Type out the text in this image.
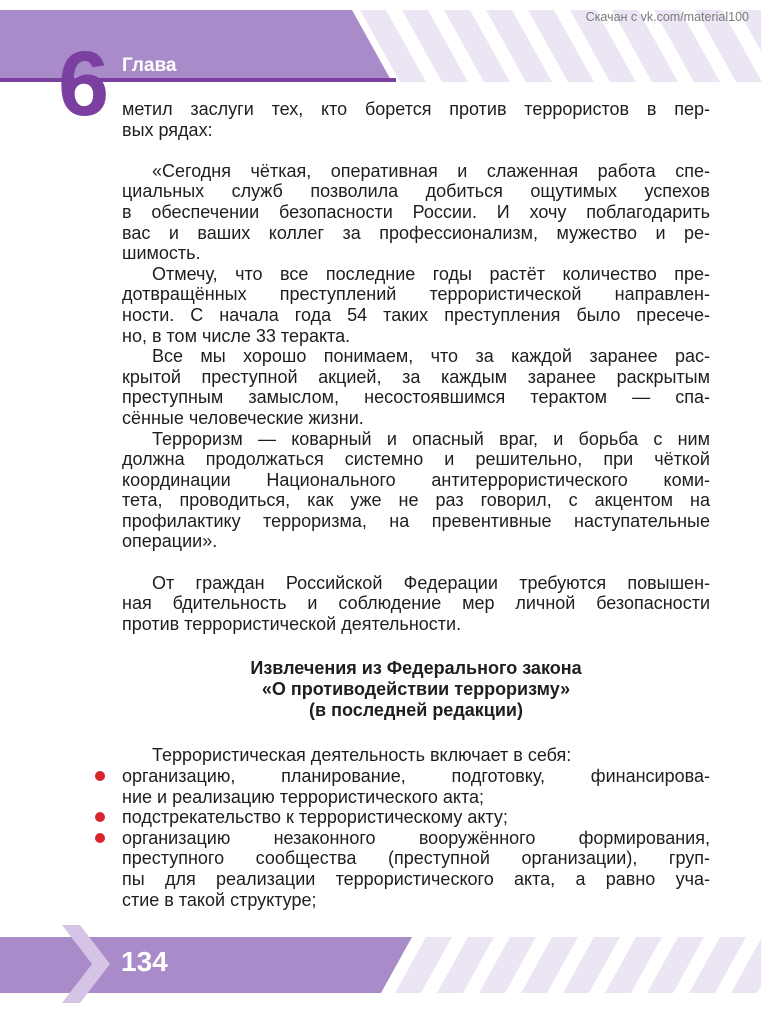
Скачан с vk.com/material100
6 Глава

метил заслуги тех, кто борется против террористов в пер-

вых рядах:

«Сегодня чёткая, оперативная и слаженная работа спе-

циальных служб позволила добиться ощутимых успехов

в обеспечении безопасности России. И хочу поблагодарить

вас и ваших коллег за профессионализм, мужество и ре-

шимость.

Отмечу, что все последние годы растёт количество пре-

дотвращённых преступлений террористической направлен-

ности. С начала года 54 таких преступления было пресече-

но, в том числе 33 теракта.

Все мы хорошо понимаем, что за каждой заранее рас-

крытой преступной акцией, за каждым заранее раскрытым

преступным замыслом, несостоявшимся терактом — спа-

сённые человеческие жизни.

Терроризм — коварный и опасный враг, и борьба с ним

должна продолжаться системно и решительно, при чёткой

координации Национального антитеррористического коми-

тета, проводиться, как уже не раз говорил, с акцентом на

профилактику терроризма, на превентивные наступательные

операции».

От граждан Российской Федерации требуются повышен-

ная бдительность и соблюдение мер личной безопасности

против террористической деятельности.

Извлечения из Федерального закона

«О противодействии терроризму»

(в последней редакции)

Террористическая деятельность включает в себя:

организацию, планирование, подготовку, финансирова-

ние и реализацию террористического акта;

подстрекательство к террористическому акту;

организацию незаконного вооружённого формирования,

преступного сообщества (преступной организации), груп-

пы для реализации террористического акта, а равно уча-

стие в такой структуре;

134
